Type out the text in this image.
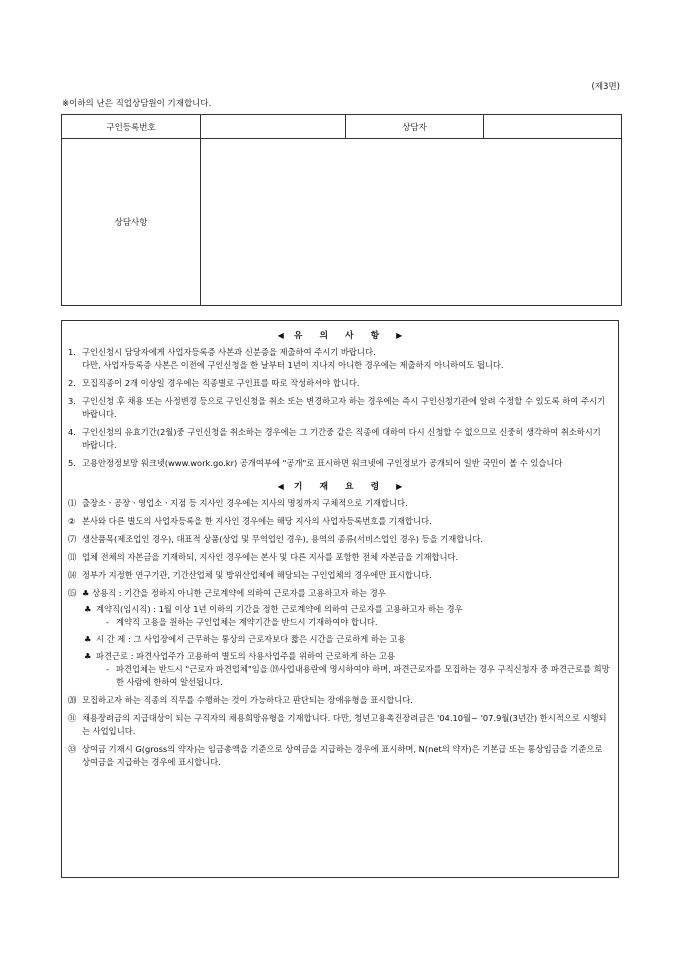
(제3면)
※이하의 난은 직업상담원이 기재합니다.
구인등록번호		상담자	
상담사항			
◀ 유 의 사 항 ▶
1. 구인신청시 담당자에게 사업자등록증 사본과 신분증을 제출하여 주시기 바랍니다.
다만, 사업자등록증 사본은 이전에 구인신청을 한 날부터 1년이 지나지 아니한 경우에는 제출하지 아니하여도 됩니다.
2. 모집직종이 2개 이상일 경우에는 직종별로 구인표를 따로 작성하셔야 합니다.
3. 구인신청 후 채용 또는 사정변경 등으로 구인신청을 취소 또는 변경하고자 하는 경우에는 즉시 구인신청기관에 알려 수정할 수 있도록 하여 주시기 바랍니다.
4. 구인신청의 유효기간(2월)중 구인신청을 취소하는 경우에는 그 기간중 같은 직종에 대하여 다시 신청할 수 없으므로 신중히 생각하여 취소하시기 바랍니다.
5. 고용안정정보망 워크넷(www.work.go.kr) 공개여부에 "공개"로 표시하면 워크넷에 구인정보가 공개되어 일반 국민이 볼 수 있습니다
◀ 기 재 요 령 ▶
⑴ 출장소ㆍ공장ㆍ영업소ㆍ지점 등 지사인 경우에는 지사의 명칭까지 구체적으로 기재합니다.
② 본사와 다른 별도의 사업자등록을 한 지사인 경우에는 해당 지사의 사업자등록번호를 기재합니다.
⑺ 생산품목(제조업인 경우), 대표적 상품(상업 및 무역업인 경우), 용역의 종류(서비스업인 경우) 등을 기재합니다.
⑾ 업체 전체의 자본금을 기재하되, 지사인 경우에는 본사 및 다른 지사를 포함한 전체 자본금을 기재합니다.
⒁ 정부가 지정한 연구기관, 기간산업체 및 방위산업체에 해당되는 구인업체의 경우에만 표시합니다.
⒂ ♣ 상용직 : 기간을 정하지 아니한 근로계약에 의하여 근로자를 고용하고자 하는 경우
♣ 계약직(임시직) : 1월 이상 1년 이하의 기간을 정한 근로계약에 의하여 근로자를 고용하고자 하는 경우
- 계약직 고용을 원하는 구인업체는 계약기간을 반드시 기재하여야 합니다.
♣ 시 간 제 : 그 사업장에서 근무하는 통상의 근로자보다 짧은 시간을 근로하게 하는 고용
♣ 파견근로 : 파견사업주가 고용하여 별도의 사용사업주를 위하여 근로하게 하는 고용
- 파견업체는 반드시 "근로자 파견업체"임을 ⒆사업내용란에 명시하여야 하며, 파견근로자를 모집하는 경우 구직신청자 중 파견근로를 희망한 사람에 한하여 알선됩니다.
⒇ 모집하고자 하는 직종의 직무를 수행하는 것이 가능하다고 판단되는 장애유형을 표시합니다.
㉛ 채용장려금의 지급대상이 되는 구직자의 채용희망유형을 기재합니다. 다만, 청년고용촉진장려금은 '04.10월~ '07.9월(3년간) 한시적으로 시행되는 사업입니다.
㉝ 상여금 기재시 G(gross의 약자)는 임금총액을 기준으로 상여금을 지급하는 경우에 표시하며, N(net의 약자)은 기본급 또는 통상임금을 기준으로 상여금을 지급하는 경우에 표시합니다.
